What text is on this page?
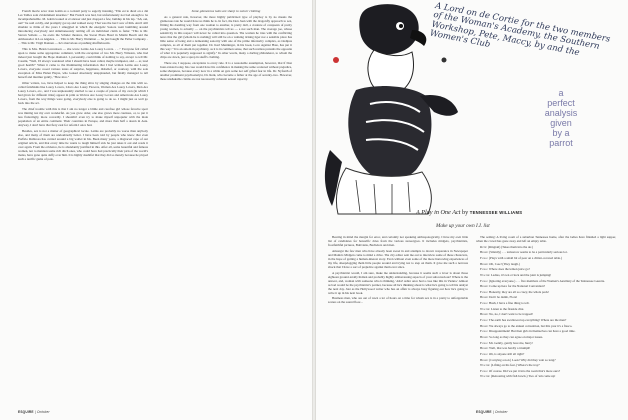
French movie actor Jean Gabin as a cocktail party to eagerly intoning, "Elle est le dieu! on a dié Les Tailles sont évidemment énormes." But French was had, but unfortunately not bad enough to be incomprehensible. M. Gabin looked at el answer and just dropped a few, buildup in his lap. "Ah, oui, oui!" he said coldly, and promptly got up and walked away. That was the last I saw of him. And I still shudder to think of the years I smuggled in which the energetic Sonora went bumbling around introducing everybody and simultaneously rattling off an individual claim to fame: "This is Mr. Steven Sollens — he owns the Schuler theatres, the Sweet Plaza Hotel in Miami Beach and the Ambassador in Los Angeles. . . . This is Mr. Harry Weinman — he just bought the Fuller Company. . . . This is Mr. Virgil Dannen — he's marvelous at pushing shuffleboards.

This is Mrs. Helen Lawrenson — she wrote Latins Are Lousy Lovers. . . ." Everyone felt called upon to make some appropriate comment, with the exception of two Mr. Harry Winston, who had indeed just bought the Hope diamond. I, personally, could think of nothing to say, except to tell Mr. Cassini, "Well, I'd always wondered what I should have been called, maybe trumpeter, and — er, lead good health!" When it came to the illuminating information that I had written Latins Are Lousy Lovers, everyone cooed various tones of surprise, happiness, disbelief, or courtesy, with the sole exception of Miss Helen Hayes, who looked absolutely unapplauded, but finally managed to tell herself and murmur gently, "How nice."

Other writers, too, have helped to keep the thing alive by singing changes on the title with so-called fetishisms like Lousy Lovers, Lilacs Are Lousy Flowers, Women Are Lousy Lovers, Men Are Lousy Lovers, etc., and I was unpleasantly startled to see a couple of pieces of my own (in which I had given for different titles) appear in print as Wolves Are Lousy Lovers and Americans Are Lousy Lovers, from the way things were going, everybody else is going to do so. I might just as well go back into the act.

The chief trouble with this is that I am no longer a blithe and carefree girl whose favorite sport was mining not my own wonderful. As you grow older, one also grows more cautious, or, to put it less flatteringly, more cowardly. I shouldn't even try to make myself unpopular with the male population of an entire continent. Their countries in Europe, and more than half a dozen in Asia. Anyway, I don't have that fiery zeal for reform I once had.

Besides, sex is not a matter of geographical locale. Latins are probably no worse than anybody else, and many of them are undoubtedly better. I have been told by people who know that even Porfirio Rubirosa has carried around a big wollet in his. Been many years, a disgraced cape of our original article, and that every time he wants to laugh himself sick he just takes it out and reads it over again. From the evidence, he is abundantly justified in this. After all, some beautiful and famous women, not to mention some rich ditch ones, who could have had practically their pick of the world's males, have gone quite daffy over him. It is highly doubtful that they did so merely because he played such a terrific game of polo.

Some glamorous tales are sharp to swiver clothing

As a general rule, however, the more highly publicized type of playboy is by no means the glamorous tale he would have us think he is. In fact, the Don Juan with the dragonfly approach to sex, flitting his dazzling way from one woman to another, is pretty dull, a creature of conquests of pretty young women, is actually — on the psychiatrists tell us — a not such man. The average joe, whose sensitivity in this respect will never be called into question. The woman he tries with the conflicting news that the girl (whom he is rushing) will still be on a walking ticking tiger nor a sensible place has little sense of being and a demeaning sonority with one of the prime inferiority complex, as Oedipus complex, as all of them put together. Dr. Karl Menninger, in his book, Love Against Hate, has put it this way: "It is an axiom in psychiatry, as it is in common sense, that such restless pursuits the opposite of what it is popularly supposed to signify." In other words, many a darling philanderer, to whom the chips are down, just a sprep in snuff's clothing.

There are, I suppose, exceptions to every rule. It is a reasonable assumption, however, that if Don Juan existed today, his case would have his confidence in making the same scattered without prejudice, some sharpness, because every now in a while on gets some not self gifted fear in life. Dr. Nyfonth of another prominent psychoanalyst, Dr. Reik, who became a father at the age of seventy-two. However, these unshakable claims are not necessarily coherent sexual capacity.

ESQUIRE | October
A Lord on de Cortie for the two members of the Woman's Academy, the Southern Workshop, Pete, Maccy, by and the Women's Club
a
perfect
analysis
given
by a
parrot
A Play in One Act by TENNESSEE WILLIAMS
Make up your own I.I. list

Bearing in mind the margin for error, and certainly not speaking anthropologically, I have my own little list of candidates for honorific dries from the various stereotypes. It includes midgets, psychiatrists, frostfaithful pictures, Bolivians, Bachelors and men.

Amongst the few men who have already been sweet in and attempts to drown vesperance in Newspaper and Mama's Midgets came to mind a drive. The city editor sent me out to interview some of these characters, in the hope of getting a human-interest story. Even without even some of the more harrowing experiences of my life, sheepdogging them little people around and trying not to step on them. It gave me such a nervous shock that I have a sort of prejudice against them ever since.

A psychiatrist would, I am sure, make me understanding, because it seems such a lover is about those eighteen ground-totally hidden and probably highly embarrassing aspects of your subconscious? Where is the answer, and, woman with someone who is thinking, 'Ahal' Adler once had a case like this in Vienna.' Almost as bad would be the psychiatrist's partner, because all he's thinking about is what he's going to tell his analyst the next day. Just as the Hollywood writer who has an affair is always busy figuring out how he's going to write it up in his next book.

Business men, who are out of town a lot of hours on a time for whom sex is in a pretty to unforgettable scenes on the sound floor...

The setting: A living room of a suburban Tennessee home, after the ladies have finished a light supper, when the crowd has gone away and left an empty table.

Ruth: (Ringtail) (Takes them into the air.)

Bessie: (Silently) . . . tomorrow seems to be a particularly serious lot.

Flora: (Plays with a small bit of pear on a chintz-covered table.)

Bessie: Oh, I see! (They laugh.)

Flora: Where does the lemon juice go?

Walter: Ladies, it's ten o'clock and the joint is jumping!

Flora: (Ignoring everyone.) . . . five members of the Women's Auxiliary of the Tennessee Gazette.

Bessie: Come up here for the National Convention?

Flora: Honestly, they are all so crazy, the whole pack!

Bessie: Don't be dumb, Flora!

Flora: Hush, I have a fine thing to tell.

Walter: Listen to the fireside chat.

Bessie: No, no, I don't want to be trapped!

Flora: The earth has swallowed up everything! Where are the men?

Bessie: We always go to the annual convention, but this year it's a fiasco.

Flora: Disappointment! But then girls in themselves can have a good time.

Bessie: So long as they can agree on major issues.

Flora: Mr. Gently, gently bore me, hurry!

Bessie: Well, that was hardly a triumph!

Flora: Oh, is anyone still all right?

Bessie: (Carrying a nod.) Look! Why did they wait so long?

Walter: (Lifting on his feet.) Where's the tray?

Flora: Of course. Did we put it into the room that's more ours?

Walter: (Retreating with fish bowls.) Two of 'em come up!

ESQUIRE | October
